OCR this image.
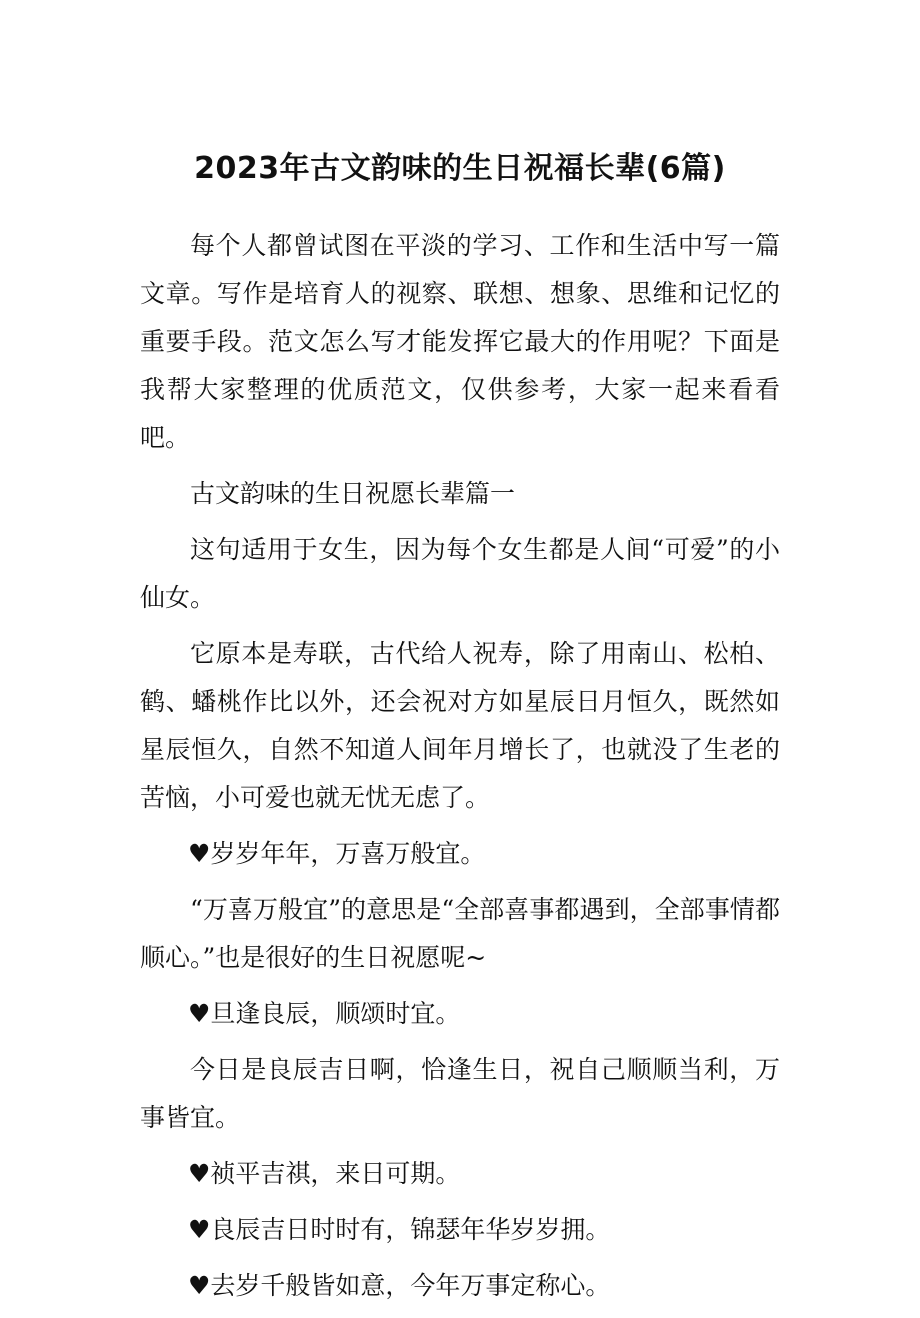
2023年古文韵味的生日祝福长辈(6篇)

每个人都曾试图在平淡的学习、工作和生活中写一篇文章。写作是培育人的视察、联想、想象、思维和记忆的重要手段。范文怎么写才能发挥它最大的作用呢？下面是我帮大家整理的优质范文，仅供参考，大家一起来看看吧。

古文韵味的生日祝愿长辈篇一

这句适用于女生，因为每个女生都是人间“可爱”的小仙女。

它原本是寿联，古代给人祝寿，除了用南山、松柏、鹤、蟠桃作比以外，还会祝对方如星辰日月恒久，既然如星辰恒久，自然不知道人间年月增长了，也就没了生老的苦恼，小可爱也就无忧无虑了。

♥岁岁年年，万喜万般宜。

“万喜万般宜”的意思是“全部喜事都遇到，全部事情都顺心。”也是很好的生日祝愿呢~

♥旦逢良辰，顺颂时宜。

今日是良辰吉日啊，恰逢生日，祝自己顺顺当利，万事皆宜。

♥祯平吉祺，来日可期。

♥良辰吉日时时有，锦瑟年华岁岁拥。

♥去岁千般皆如意，今年万事定称心。
